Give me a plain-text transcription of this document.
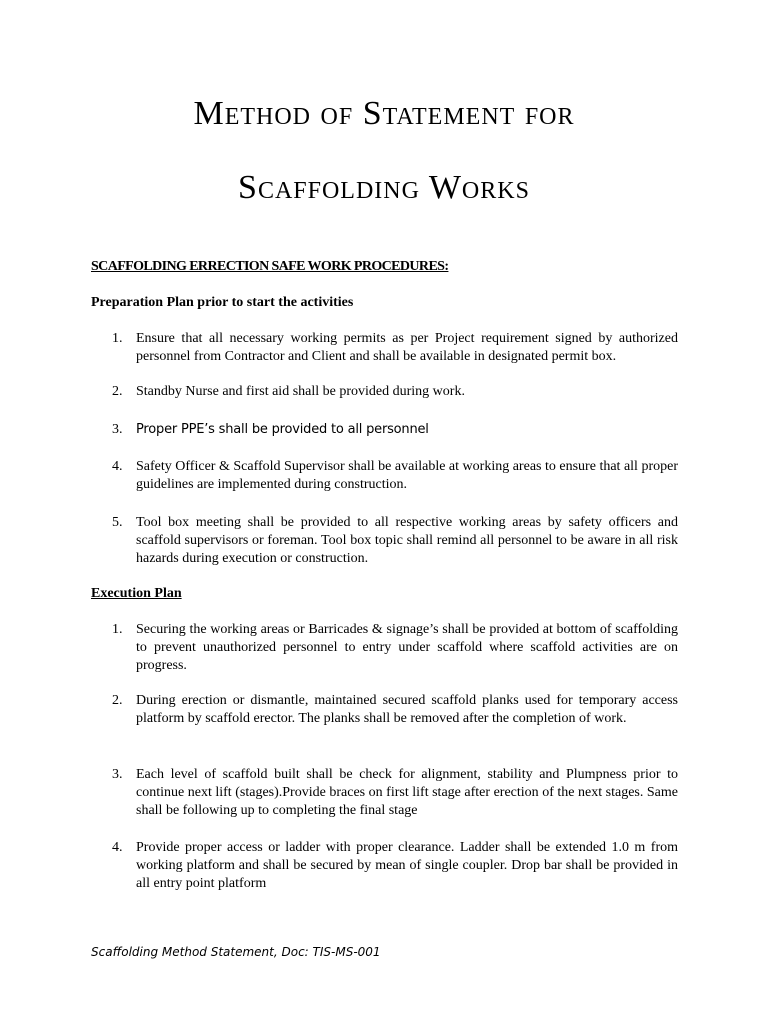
Method of Statement for
Scaffolding Works
SCAFFOLDING ERRECTION SAFE WORK PROCEDURES:
Preparation Plan prior to start the activities
1. Ensure that all necessary working permits as per Project requirement signed by authorized personnel from Contractor and Client and shall be available in designated permit box.
2. Standby Nurse and first aid shall be provided during work.
3.	Proper PPE’s shall be provided to all personnel
4. Safety Officer & Scaffold Supervisor shall be available at working areas to ensure that all proper guidelines are implemented during construction.
5. Tool box meeting shall be provided to all respective working areas by safety officers and scaffold supervisors or foreman. Tool box topic shall remind all personnel to be aware in all risk hazards during execution or construction.
Execution Plan
1. Securing the working areas or Barricades & signage’s shall be provided at bottom of scaffolding to prevent unauthorized personnel to entry under scaffold where scaffold activities are on progress.
2. During erection or dismantle, maintained secured scaffold planks used for temporary access platform by scaffold erector. The planks shall be removed after the completion of work.
3. Each level of scaffold built shall be check for alignment, stability and Plumpness prior to continue next lift (stages).Provide braces on first lift stage after erection of the next stages. Same shall be following up to completing the final stage
4. Provide proper access or ladder with proper clearance. Ladder shall be extended 1.0 m from working platform and shall be secured by mean of single coupler. Drop bar shall be provided in all entry point platform
Scaffolding Method Statement, Doc: TIS-MS-001
